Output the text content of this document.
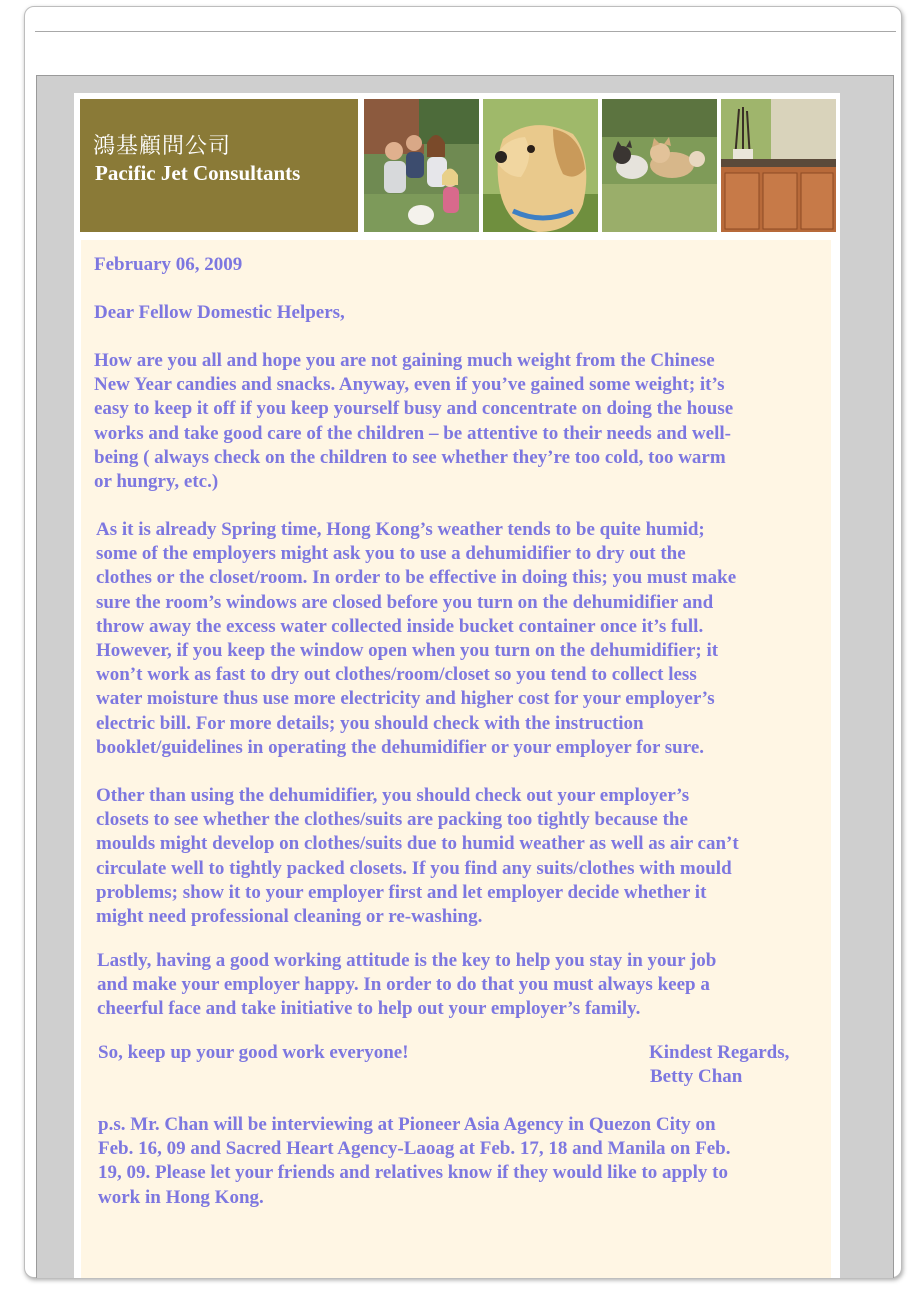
鴻基顧問公司
Pacific Jet Consultants

February 06, 2009

Dear Fellow Domestic Helpers,

How are you all and hope you are not gaining much weight from the Chinese
New Year candies and snacks. Anyway, even if you’ve gained some weight; it’s
easy to keep it off if you keep yourself busy and concentrate on doing the house
works and take good care of the children – be attentive to their needs and well-
being ( always check on the children to see whether they’re too cold, too warm
or hungry, etc.)

As it is already Spring time, Hong Kong’s weather tends to be quite humid;
some of the employers might ask you to use a dehumidifier to dry out the
clothes or the closet/room. In order to be effective in doing this; you must make
sure the room’s windows are closed before you turn on the dehumidifier and
throw away the excess water collected inside bucket container once it’s full.
However, if you keep the window open when you turn on the dehumidifier; it
won’t work as fast to dry out clothes/room/closet so you tend to collect less
water moisture thus use more electricity and higher cost for your employer’s
electric bill. For more details; you should check with the instruction
booklet/guidelines in operating the dehumidifier or your employer for sure.

Other than using the dehumidifier, you should check out your employer’s
closets to see whether the clothes/suits are packing too tightly because the
moulds might develop on clothes/suits due to humid weather as well as air can’t
circulate well to tightly packed closets. If you find any suits/clothes with mould
problems; show it to your employer first and let employer decide whether it
might need professional cleaning or re-washing.

Lastly, having a good working attitude is the key to help you stay in your job
and make your employer happy. In order to do that you must always keep a
cheerful face and take initiative to help out your employer’s family.

So, keep up your good work everyone!	Kindest Regards,

Betty Chan

p.s. Mr. Chan will be interviewing at Pioneer Asia Agency in Quezon City on
Feb. 16, 09 and Sacred Heart Agency-Laoag at Feb. 17, 18 and Manila on Feb.
19, 09. Please let your friends and relatives know if they would like to apply to
work in Hong Kong.
